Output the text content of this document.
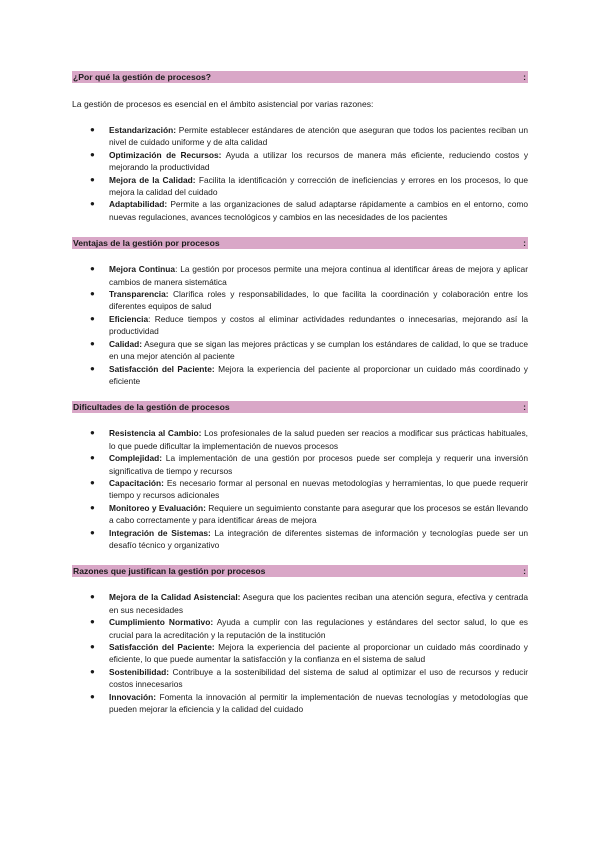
¿Por qué la gestión de procesos?	:
La gestión de procesos es esencial en el ámbito asistencial por varias razones:
● Estandarización: Permite establecer estándares de atención que aseguran que todos los pacientes reciban un nivel de cuidado uniforme y de alta calidad
● Optimización de Recursos: Ayuda a utilizar los recursos de manera más eficiente, reduciendo costos y mejorando la productividad
● Mejora de la Calidad: Facilita la identificación y corrección de ineficiencias y errores en los procesos, lo que mejora la calidad del cuidado
● Adaptabilidad: Permite a las organizaciones de salud adaptarse rápidamente a cambios en el entorno, como nuevas regulaciones, avances tecnológicos y cambios en las necesidades de los pacientes
Ventajas de la gestión por procesos	:
● Mejora Continua: La gestión por procesos permite una mejora continua al identificar áreas de mejora y aplicar cambios de manera sistemática
● Transparencia: Clarifica roles y responsabilidades, lo que facilita la coordinación y colaboración entre los diferentes equipos de salud
● Eficiencia: Reduce tiempos y costos al eliminar actividades redundantes o innecesarias, mejorando así la productividad
● Calidad: Asegura que se sigan las mejores prácticas y se cumplan los estándares de calidad, lo que se traduce en una mejor atención al paciente
● Satisfacción del Paciente: Mejora la experiencia del paciente al proporcionar un cuidado más coordinado y eficiente
Dificultades de la gestión de procesos	:
● Resistencia al Cambio: Los profesionales de la salud pueden ser reacios a modificar sus prácticas habituales, lo que puede dificultar la implementación de nuevos procesos
● Complejidad: La implementación de una gestión por procesos puede ser compleja y requerir una inversión significativa de tiempo y recursos
● Capacitación: Es necesario formar al personal en nuevas metodologías y herramientas, lo que puede requerir tiempo y recursos adicionales
● Monitoreo y Evaluación: Requiere un seguimiento constante para asegurar que los procesos se están llevando a cabo correctamente y para identificar áreas de mejora
● Integración de Sistemas: La integración de diferentes sistemas de información y tecnologías puede ser un desafío técnico y organizativo
Razones que justifican la gestión por procesos	:
● Mejora de la Calidad Asistencial: Asegura que los pacientes reciban una atención segura, efectiva y centrada en sus necesidades
● Cumplimiento Normativo: Ayuda a cumplir con las regulaciones y estándares del sector salud, lo que es crucial para la acreditación y la reputación de la institución
● Satisfacción del Paciente: Mejora la experiencia del paciente al proporcionar un cuidado más coordinado y eficiente, lo que puede aumentar la satisfacción y la confianza en el sistema de salud
● Sostenibilidad: Contribuye a la sostenibilidad del sistema de salud al optimizar el uso de recursos y reducir costos innecesarios
● Innovación: Fomenta la innovación al permitir la implementación de nuevas tecnologías y metodologías que pueden mejorar la eficiencia y la calidad del cuidado
